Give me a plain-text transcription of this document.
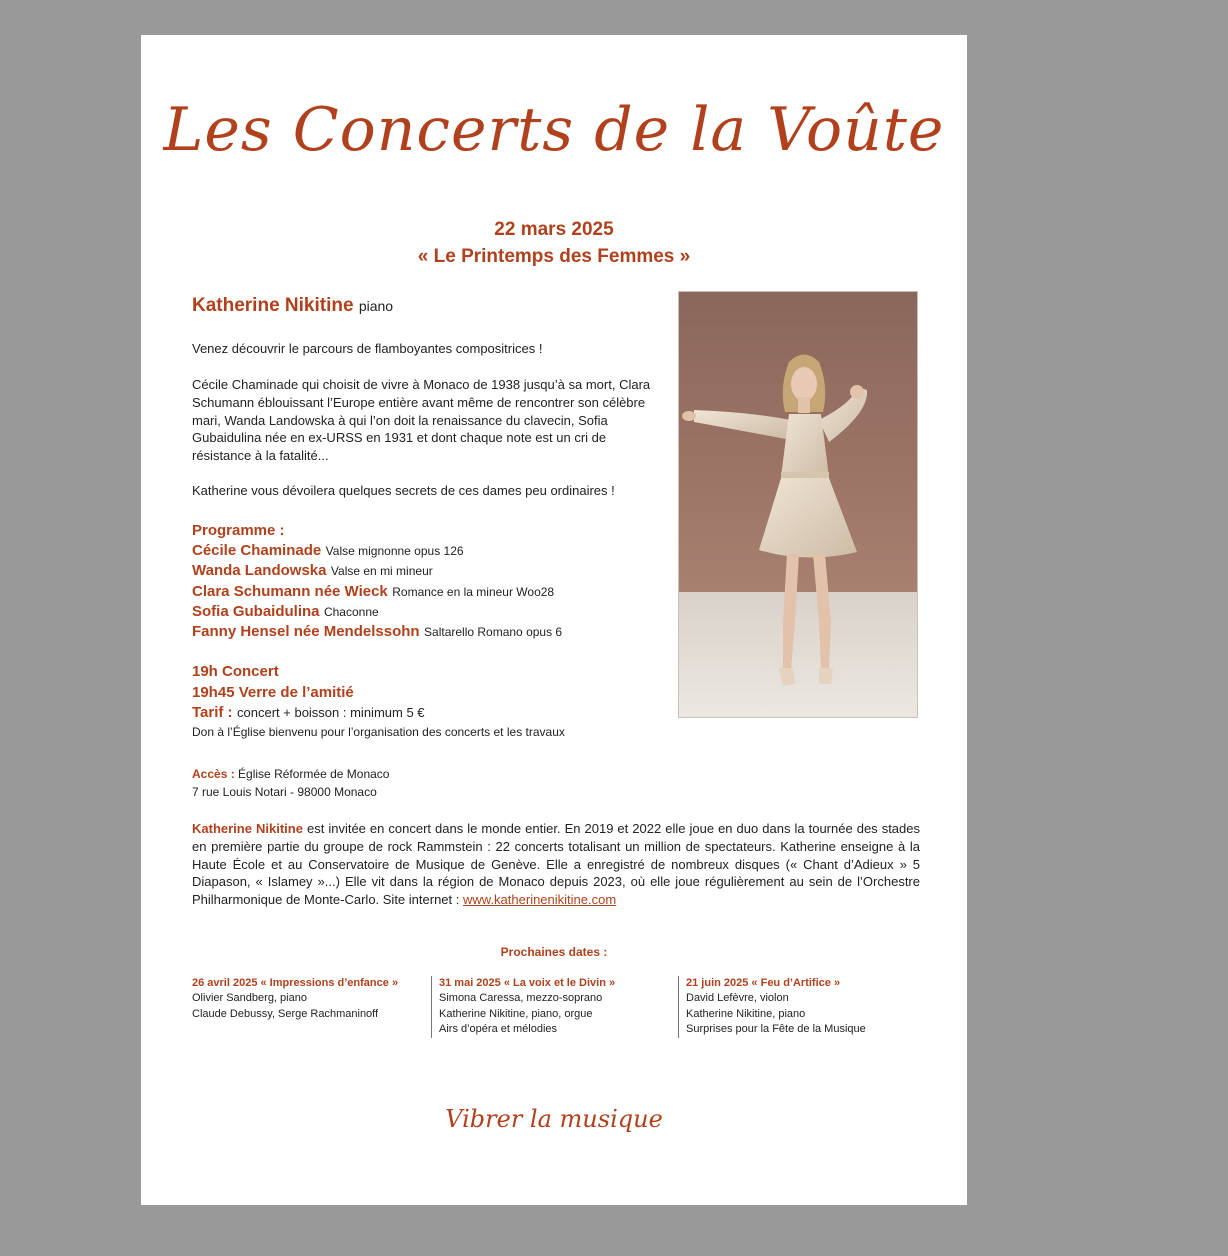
Les Concerts de la Voûte
22 mars 2025
« Le Printemps des Femmes »
Katherine Nikitine piano
Venez découvrir le parcours de flamboyantes compositrices !
Cécile Chaminade qui choisit de vivre à Monaco de 1938 jusqu’à sa mort, Clara Schumann éblouissant l’Europe entière avant même de rencontrer son célèbre mari, Wanda Landowska à qui l’on doit la renaissance du clavecin, Sofia Gubaidulina née en ex-URSS en 1931 et dont chaque note est un cri de résistance à la fatalité...
Katherine vous dévoilera quelques secrets de ces dames peu ordinaires !
Programme :
Cécile Chaminade Valse mignonne opus 126
Wanda Landowska Valse en mi mineur
Clara Schumann née Wieck Romance en la mineur Woo28
Sofia Gubaidulina Chaconne
Fanny Hensel née Mendelssohn Saltarello Romano opus 6
19h Concert
19h45 Verre de l’amitié
Tarif : concert + boisson : minimum 5 €
Don à l’Église bienvenu pour l’organisation des concerts et les travaux
Accès : Église Réformée de Monaco
7 rue Louis Notari - 98000 Monaco
Katherine Nikitine est invitée en concert dans le monde entier. En 2019 et 2022 elle joue en duo dans la tournée des stades en première partie du groupe de rock Rammstein : 22 concerts totalisant un million de spectateurs. Katherine enseigne à la Haute École et au Conservatoire de Musique de Genève. Elle a enregistré de nombreux disques (« Chant d’Adieux » 5 Diapason, « Islamey »...) Elle vit dans la région de Monaco depuis 2023, où elle joue régulièrement au sein de l’Orchestre Philharmonique de Monte-Carlo. Site internet : www.katherinenikitine.com
Prochaines dates :
26 avril 2025 « Impressions d’enfance »
Olivier Sandberg, piano
Claude Debussy, Serge Rachmaninoff
31 mai 2025 « La voix et le Divin »
Simona Caressa, mezzo-soprano
Katherine Nikitine, piano, orgue
Airs d’opéra et mélodies
21 juin 2025 « Feu d’Artifice »
David Lefèvre, violon
Katherine Nikitine, piano
Surprises pour la Fête de la Musique
Vibrer la musique
